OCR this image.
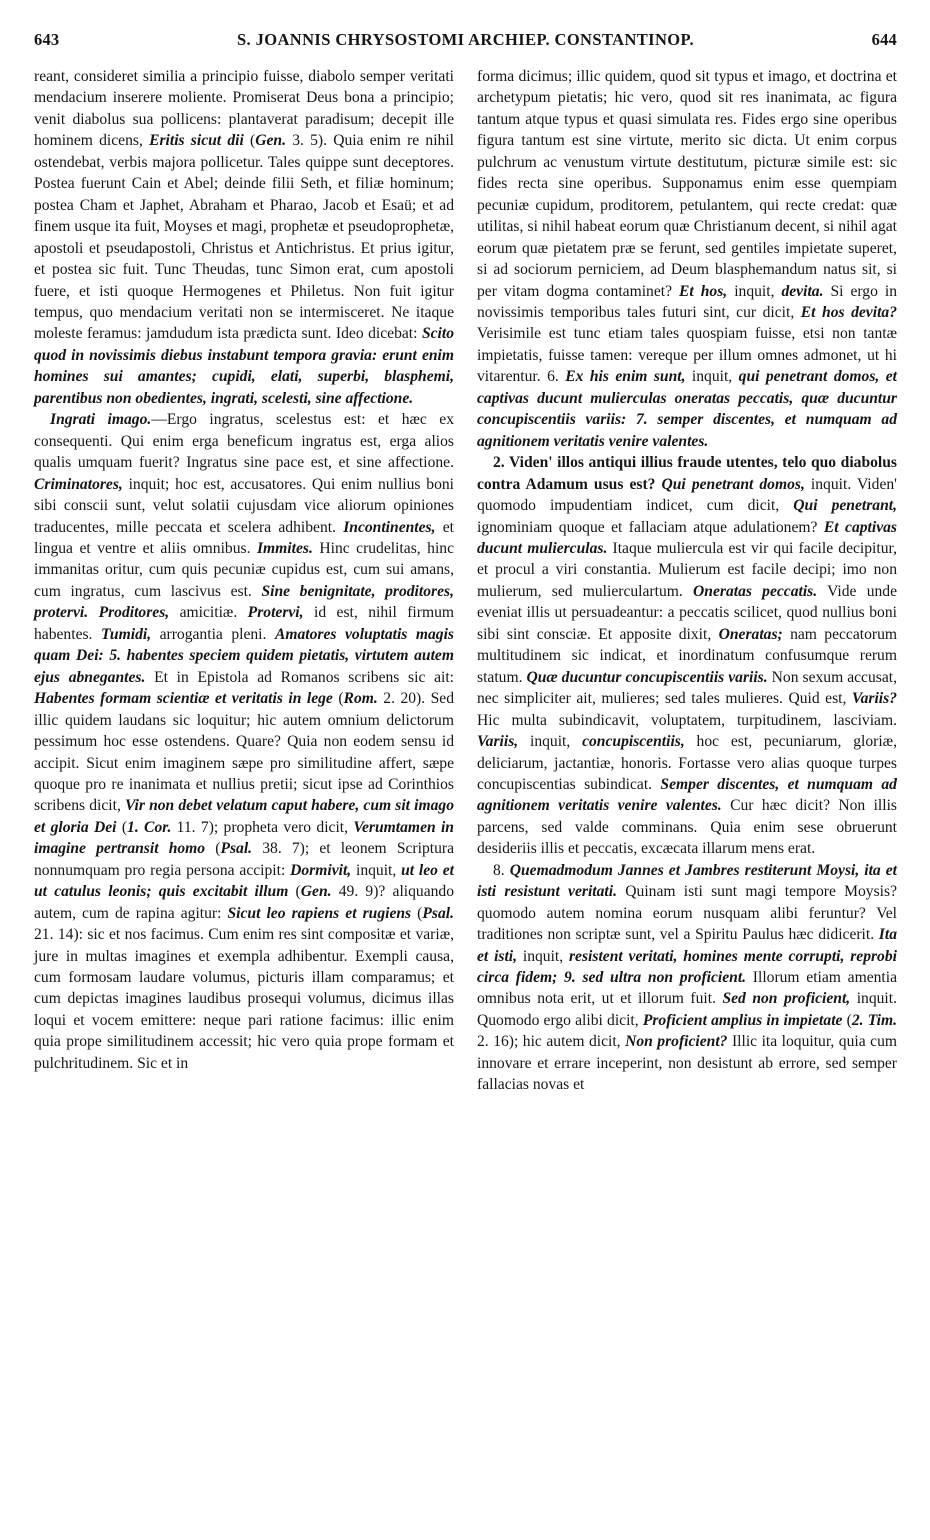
643	S. JOANNIS CHRYSOSTOMI ARCHIEP. CONSTANTINOP.	644

reant, consideret similia a principio fuisse, diabolo semper veritati mendacium inserere moliente. Promiserat Deus bona a principio; venit diabolus sua pollicens: plantaverat paradisum; decepit ille hominem dicens, Eritis sicut dii (Gen. 3. 5). Quia enim re nihil ostendebat, verbis majora pollicetur. Tales quippe sunt deceptores. Postea fuerunt Cain et Abel; deinde filii Seth, et filiæ hominum; postea Cham et Japhet, Abraham et Pharao, Jacob et Esaü; et ad finem usque ita fuit, Moyses et magi, prophetæ et pseudoprophetæ, apostoli et pseudapostoli, Christus et Antichristus. Et prius igitur, et postea sic fuit. Tunc Theudas, tunc Simon erat, cum apostoli fuere, et isti quoque Hermogenes et Philetus. Non fuit igitur tempus, quo mendacium veritati non se intermisceret. Ne itaque moleste feramus: jamdudum ista prædicta sunt. Ideo dicebat: Scito quod in novissimis diebus instabunt tempora gravia: erunt enim homines sui amantes; cupidi, elati, superbi, blasphemi, parentibus non obedientes, ingrati, scelesti, sine affectione.

Ingrati imago.—Ergo ingratus, scelestus est: et hæc ex consequenti. Qui enim erga beneficum ingratus est, erga alios qualis umquam fuerit? Ingratus sine pace est, et sine affectione. Criminatores, inquit; hoc est, accusatores. Qui enim nullius boni sibi conscii sunt, velut solatii cujusdam vice aliorum opiniones traducentes, mille peccata et scelera adhibent. Incontinentes, et lingua et ventre et aliis omnibus. Immites. Hinc crudelitas, hinc immanitas oritur, cum quis pecuniæ cupidus est, cum sui amans, cum ingratus, cum lascivus est. Sine benignitate, proditores, protervi. Proditores, amicitiæ. Protervi, id est, nihil firmum habentes. Tumidi, arrogantia pleni. Amatores voluptatis magis quam Dei: 5. habentes speciem quidem pietatis, virtutem autem ejus abnegantes. Et in Epistola ad Romanos scribens sic ait: Habentes formam scientiæ et veritatis in lege (Rom. 2. 20). Sed illic quidem laudans sic loquitur; hic autem omnium delictorum pessimum hoc esse ostendens. Quare? Quia non eodem sensu id accipit. Sicut enim imaginem sæpe pro similitudine affert, sæpe quoque pro re inanimata et nullius pretii; sicut ipse ad Corinthios scribens dicit, Vir non debet velatum caput habere, cum sit imago et gloria Dei (1. Cor. 11. 7); propheta vero dicit, Verumtamen in imagine pertransit homo (Psal. 38. 7); et leonem Scriptura nonnumquam pro regia persona accipit: Dormivit, inquit, ut leo et ut catulus leonis; quis excitabit illum (Gen. 49. 9)? aliquando autem, cum de rapina agitur: Sicut leo rapiens et rugiens (Psal. 21. 14): sic et nos facimus. Cum enim res sint compositæ et variæ, jure in multas imagines et exempla adhibentur. Exempli causa, cum formosam laudare volumus, picturis illam comparamus; et cum depictas imagines laudibus prosequi volumus, dicimus illas loqui et vocem emittere: neque pari ratione facimus: illic enim quia prope similitudinem accessit; hic vero quia prope formam et pulchritudinem. Sic et in

forma dicimus; illic quidem, quod sit typus et imago, et doctrina et archetypum pietatis; hic vero, quod sit res inanimata, ac figura tantum atque typus et quasi simulata res. Fides ergo sine operibus figura tantum est sine virtute, merito sic dicta. Ut enim corpus pulchrum ac venustum virtute destitutum, picturæ simile est: sic fides recta sine operibus. Supponamus enim esse quempiam pecuniæ cupidum, proditorem, petulantem, qui recte credat: quæ utilitas, si nihil habeat eorum quæ Christianum decent, si nihil agat eorum quæ pietatem præ se ferunt, sed gentiles impietate superet, si ad sociorum perniciem, ad Deum blasphemandum natus sit, si per vitam dogma contaminet? Et hos, inquit, devita. Si ergo in novissimis temporibus tales futuri sint, cur dicit, Et hos devita? Verisimile est tunc etiam tales quospiam fuisse, etsi non tantæ impietatis, fuisse tamen: vereque per illum omnes admonet, ut hi vitarentur. 6. Ex his enim sunt, inquit, qui penetrant domos, et captivas ducunt mulierculas oneratas peccatis, quæ ducuntur concupiscentiis variis: 7. semper discentes, et numquam ad agnitionem veritatis venire valentes.

2. Viden' illos antiqui illius fraude utentes, telo quo diabolus contra Adamum usus est? Qui penetrant domos, inquit. Viden' quomodo impudentiam indicet, cum dicit, Qui penetrant, ignominiam quoque et fallaciam atque adulationem? Et captivas ducunt mulierculas. Itaque muliercula est vir qui facile decipitur, et procul a viri constantia. Mulierum est facile decipi; imo non mulierum, sed mulierculartum. Oneratas peccatis. Vide unde eveniat illis ut persuadeantur: a peccatis scilicet, quod nullius boni sibi sint consciæ. Et apposite dixit, Oneratas; nam peccatorum multitudinem sic indicat, et inordinatum confusumque rerum statum. Quæ ducuntur concupiscentiis variis. Non sexum accusat, nec simpliciter ait, mulieres; sed tales mulieres. Quid est, Variis? Hic multa subindicavit, voluptatem, turpitudinem, lasciviam. Variis, inquit, concupiscentiis, hoc est, pecuniarum, gloriæ, deliciarum, jactantiæ, honoris. Fortasse vero alias quoque turpes concupiscentias subindicat. Semper discentes, et numquam ad agnitionem veritatis venire valentes. Cur hæc dicit? Non illis parcens, sed valde comminans. Quia enim sese obruerunt desideriis illis et peccatis, excæcata illarum mens erat.

8. Quemadmodum Jannes et Jambres restiterunt Moysi, ita et isti resistunt veritati. Quinam isti sunt magi tempore Moysis? quomodo autem nomina eorum nusquam alibi feruntur? Vel traditiones non scriptæ sunt, vel a Spiritu Paulus hæc didicerit. Ita et isti, inquit, resistent veritati, homines mente corrupti, reprobi circa fidem; 9. sed ultra non proficient. Illorum etiam amentia omnibus nota erit, ut et illorum fuit. Sed non proficient, inquit. Quomodo ergo alibi dicit, Proficient amplius in impietate (2. Tim. 2. 16); hic autem dicit, Non proficient? Illic ita loquitur, quia cum innovare et errare inceperint, non desistunt ab errore, sed semper fallacias novas et
